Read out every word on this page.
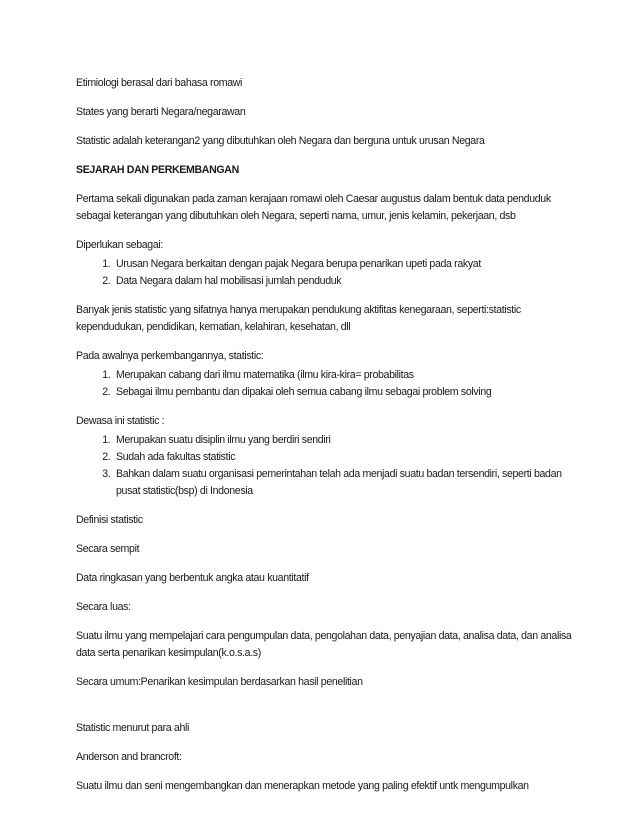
Etimiologi berasal dari bahasa romawi

States yang berarti Negara/negarawan

Statistic adalah keterangan2 yang dibutuhkan oleh Negara dan berguna untuk urusan Negara

SEJARAH DAN PERKEMBANGAN

Pertama sekali digunakan pada zaman kerajaan romawi oleh Caesar augustus dalam bentuk data penduduk sebagai keterangan yang dibutuhkan oleh Negara, seperti nama, umur, jenis kelamin, pekerjaan, dsb

Diperlukan sebagai:

1. Urusan Negara berkaitan dengan pajak Negara berupa penarikan upeti pada rakyat
2. Data Negara dalam hal mobilisasi jumlah penduduk

Banyak jenis statistic yang sifatnya hanya merupakan pendukung aktifitas kenegaraan, seperti:statistic kependudukan, pendidikan, kematian, kelahiran, kesehatan, dll

Pada awalnya perkembangannya, statistic:

1. Merupakan cabang dari ilmu matematika (ilmu kira-kira= probabilitas
2. Sebagai ilmu pembantu dan dipakai oleh semua cabang ilmu sebagai problem solving

Dewasa ini statistic :

1. Merupakan suatu disiplin ilmu yang berdiri sendiri
2. Sudah ada fakultas statistic
3. Bahkan dalam suatu organisasi pemerintahan telah ada menjadi suatu badan tersendiri, seperti badan pusat statistic(bsp) di Indonesia

Definisi statistic

Secara sempit

Data ringkasan yang berbentuk angka atau kuantitatif

Secara luas:

Suatu ilmu yang mempelajari cara pengumpulan data, pengolahan data, penyajian data, analisa data, dan analisa data serta penarikan kesimpulan(k.o.s.a.s)

Secara umum:Penarikan kesimpulan berdasarkan hasil penelitian

Statistic menurut para ahli

Anderson and brancroft:

Suatu ilmu dan seni mengembangkan dan menerapkan metode yang paling efektif untk mengumpulkan
